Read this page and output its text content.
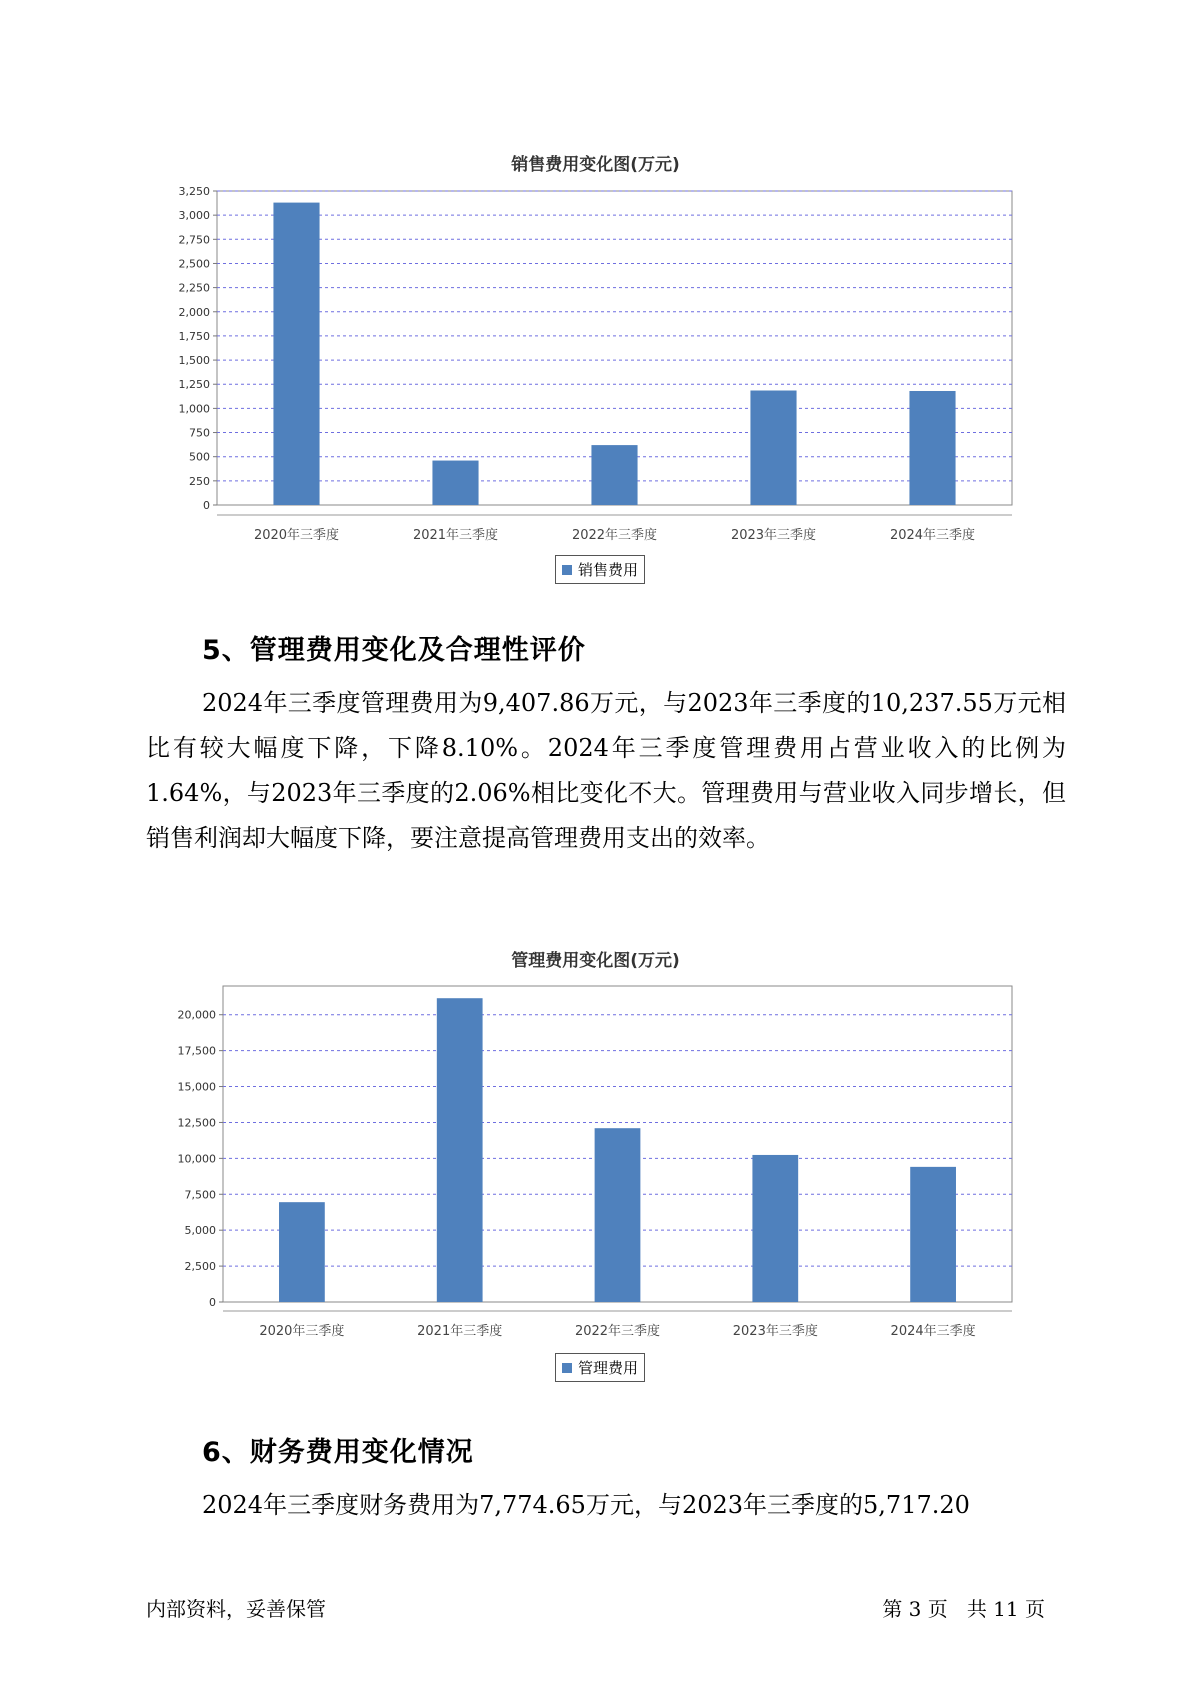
销售费用变化图(万元)
0
250
500
750
1,000
1,250
1,500
1,750
2,000
2,250
2,500
2,750
3,000
3,250
2020年三季度	2021年三季度	2022年三季度	2023年三季度	2024年三季度
销售费用
5、管理费用变化及合理性评价
2024年三季度管理费用为9,407.86万元，与2023年三季度的10,237.55万元相比有较大幅度下降，下降8.10%。2024年三季度管理费用占营业收入的比例为1.64%，与2023年三季度的2.06%相比变化不大。管理费用与营业收入同步增长，但销售利润却大幅度下降，要注意提高管理费用支出的效率。
管理费用变化图(万元)
0
2,500
5,000
7,500
10,000
12,500
15,000
17,500
20,000
2020年三季度	2021年三季度	2022年三季度	2023年三季度	2024年三季度
管理费用
6、财务费用变化情况
2024年三季度财务费用为7,774.65万元，与2023年三季度的5,717.20
内部资料，妥善保管	第 3 页   共 11 页
